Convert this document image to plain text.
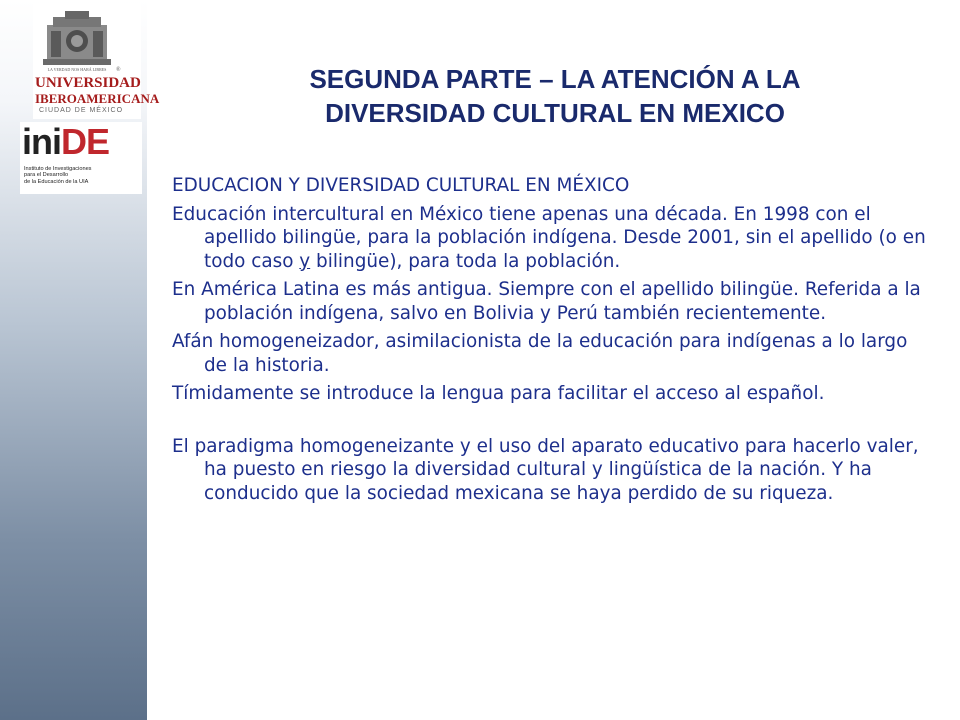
LA VERDAD NOS HARÁ LIBRES	®
UNIVERSIDAD
IBEROAMERICANA
CIUDAD DE MÉXICO
iniDE
Instituto de Investigaciones
para el Desarrollo
de la Educación de la UIA
SEGUNDA PARTE – LA ATENCIÓN A LA
DIVERSIDAD CULTURAL EN MEXICO

EDUCACION Y DIVERSIDAD CULTURAL EN MÉXICO

Educación intercultural en México tiene apenas una década. En 1998 con el apellido bilingüe, para la población indígena. Desde 2001, sin el apellido (o en todo caso y bilingüe), para toda la población.

En América Latina es más antigua. Siempre con el apellido bilingüe. Referida a la población indígena, salvo en Bolivia y Perú también recientemente.

Afán homogeneizador, asimilacionista de la educación para indígenas a lo largo de la historia.

Tímidamente se introduce la lengua para facilitar el acceso al español.

El paradigma homogeneizante y el uso del aparato educativo para hacerlo valer, ha puesto en riesgo la diversidad cultural y lingüística de la nación. Y ha conducido que la sociedad mexicana se haya perdido de su riqueza.
